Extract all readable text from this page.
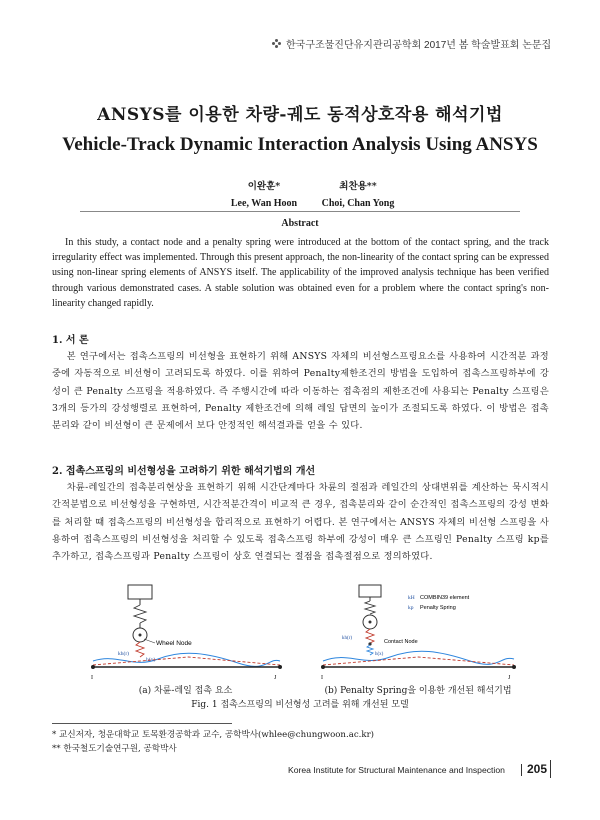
한국구조물진단유지관리공학회 2017년 봄 학술발표회 논문집
ANSYS를 이용한 차량-궤도 동적상호작용 해석기법
Vehicle-Track Dynamic Interaction Analysis Using ANSYS
이완훈*
Lee, Wan Hoon
최찬용**
Choi, Chan Yong
Abstract
In this study, a contact node and a penalty spring were introduced at the bottom of the contact spring, and the track irregularity effect was implemented. Through this present approach, the non-linearity of the contact spring can be expressed using non-linear spring elements of ANSYS itself. The applicability of the improved analysis technique has been verified through various demonstrated cases. A stable solution was obtained even for a problem where the contact spring's non-linearity changed rapidly.
1. 서 론
본 연구에서는 접촉스프링의 비선형을 표현하기 위해 ANSYS 자체의 비선형스프링요소를 사용하여 시간적분 과정 중에 자동적으로 비선형이 고려되도록 하였다. 이를 위하여 Penalty제한조건의 방법을 도입하여 접촉스프링하부에 강성이 큰 Penalty 스프링을 적용하였다. 즉 주행시간에 따라 이동하는 접촉점의 제한조건에 사용되는 Penalty 스프링은 3개의 등가의 강성행렬로 표현하여, Penalty 제한조건에 의해 레일 답면의 높이가 조절되도록 하였다. 이 방법은 접촉분리와 같이 비선형이 큰 문제에서 보다 안정적인 해석결과를 얻을 수 있다.
2. 접촉스프링의 비선형성을 고려하기 위한 해석기법의 개선
차륜-레일간의 접촉분리현상을 표현하기 위해 시간단계마다 차륜의 절점과 레일간의 상대변위를 계산하는 묵시적시간적분법으로 비선형성을 구현하면, 시간적분간격이 비교적 큰 경우, 접촉분리와 같이 순간적인 접촉스프링의 강성 변화를 처리할 때 접촉스프링의 비선형성을 합리적으로 표현하기 어렵다. 본 연구에서는 ANSYS 자체의 비선형 스프링을 사용하여 접촉스프링의 비선형성을 처리할 수 있도록 접촉스프링 하부에 강성이 매우 큰 스프링인 Penalty 스프링 kp를 추가하고, 접촉스프링과 Penalty 스프링이 상호 연결되는 절점을 접촉절점으로 정의하였다.
Wheel Node
kh(r)
h(x)
I	J
(a) 차륜-레일 접촉 요소
kH COMBIN39 element
kp Penalty Spring
Contact Node
kh(r)
h(x)
I	J
(b) Penalty Spring을 이용한 개선된 해석기법
Fig. 1 접촉스프링의 비선형성 고려를 위해 개선된 모델
* 교신저자, 청운대학교 토목환경공학과 교수, 공학박사(whlee@chungwoon.ac.kr)
** 한국철도기술연구원, 공학박사
Korea Institute for Structural Maintenance and Inspection 205
